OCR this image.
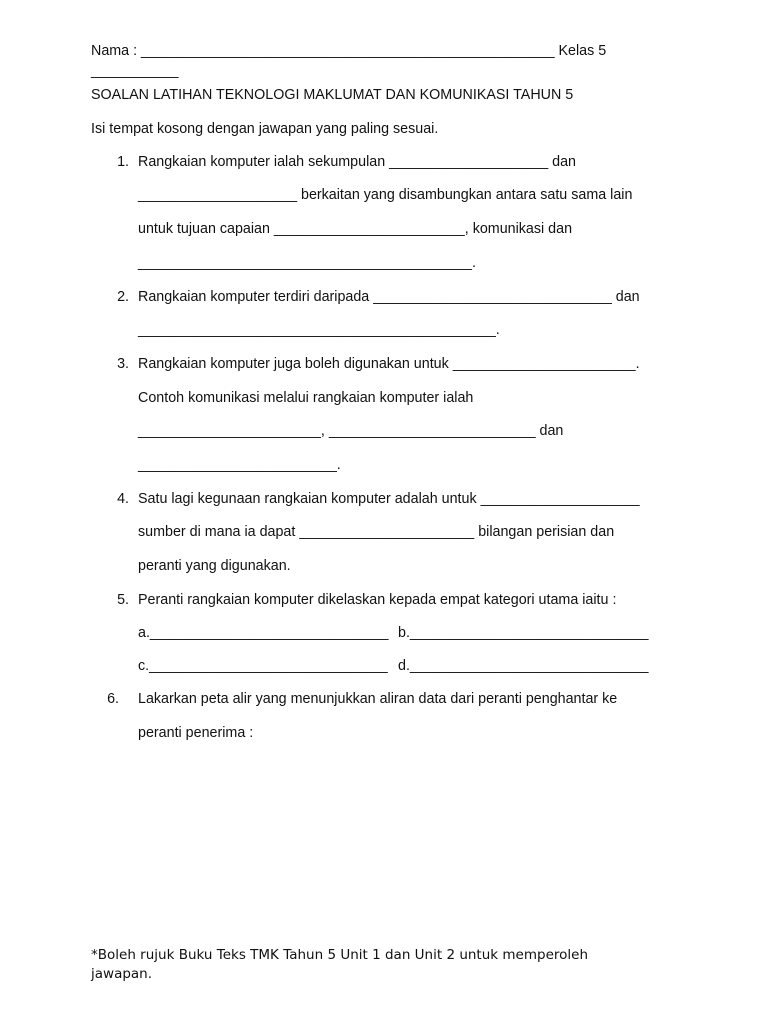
Nama : ____________________________________________________ Kelas 5
___________
SOALAN LATIHAN TEKNOLOGI MAKLUMAT DAN KOMUNIKASI TAHUN 5
Isi tempat kosong dengan jawapan yang paling sesuai.
1. Rangkaian komputer ialah sekumpulan ____________________ dan
____________________ berkaitan yang disambungkan antara satu sama lain
untuk tujuan capaian ________________________, komunikasi dan
__________________________________________.
2. Rangkaian komputer terdiri daripada ______________________________ dan
_____________________________________________.
3. Rangkaian komputer juga boleh digunakan untuk _______________________.
Contoh komunikasi melalui rangkaian komputer ialah
_______________________, __________________________ dan
_________________________.
4. Satu lagi kegunaan rangkaian komputer adalah untuk ____________________
sumber di mana ia dapat ______________________ bilangan perisian dan
peranti yang digunakan.
5. Peranti rangkaian komputer dikelaskan kepada empat kategori utama iaitu :
a.______________________________ b.______________________________
c.______________________________ d.______________________________
6. Lakarkan peta alir yang menunjukkan aliran data dari peranti penghantar ke
peranti penerima :
*Boleh rujuk Buku Teks TMK Tahun 5 Unit 1 dan Unit 2 untuk memperoleh
jawapan.
